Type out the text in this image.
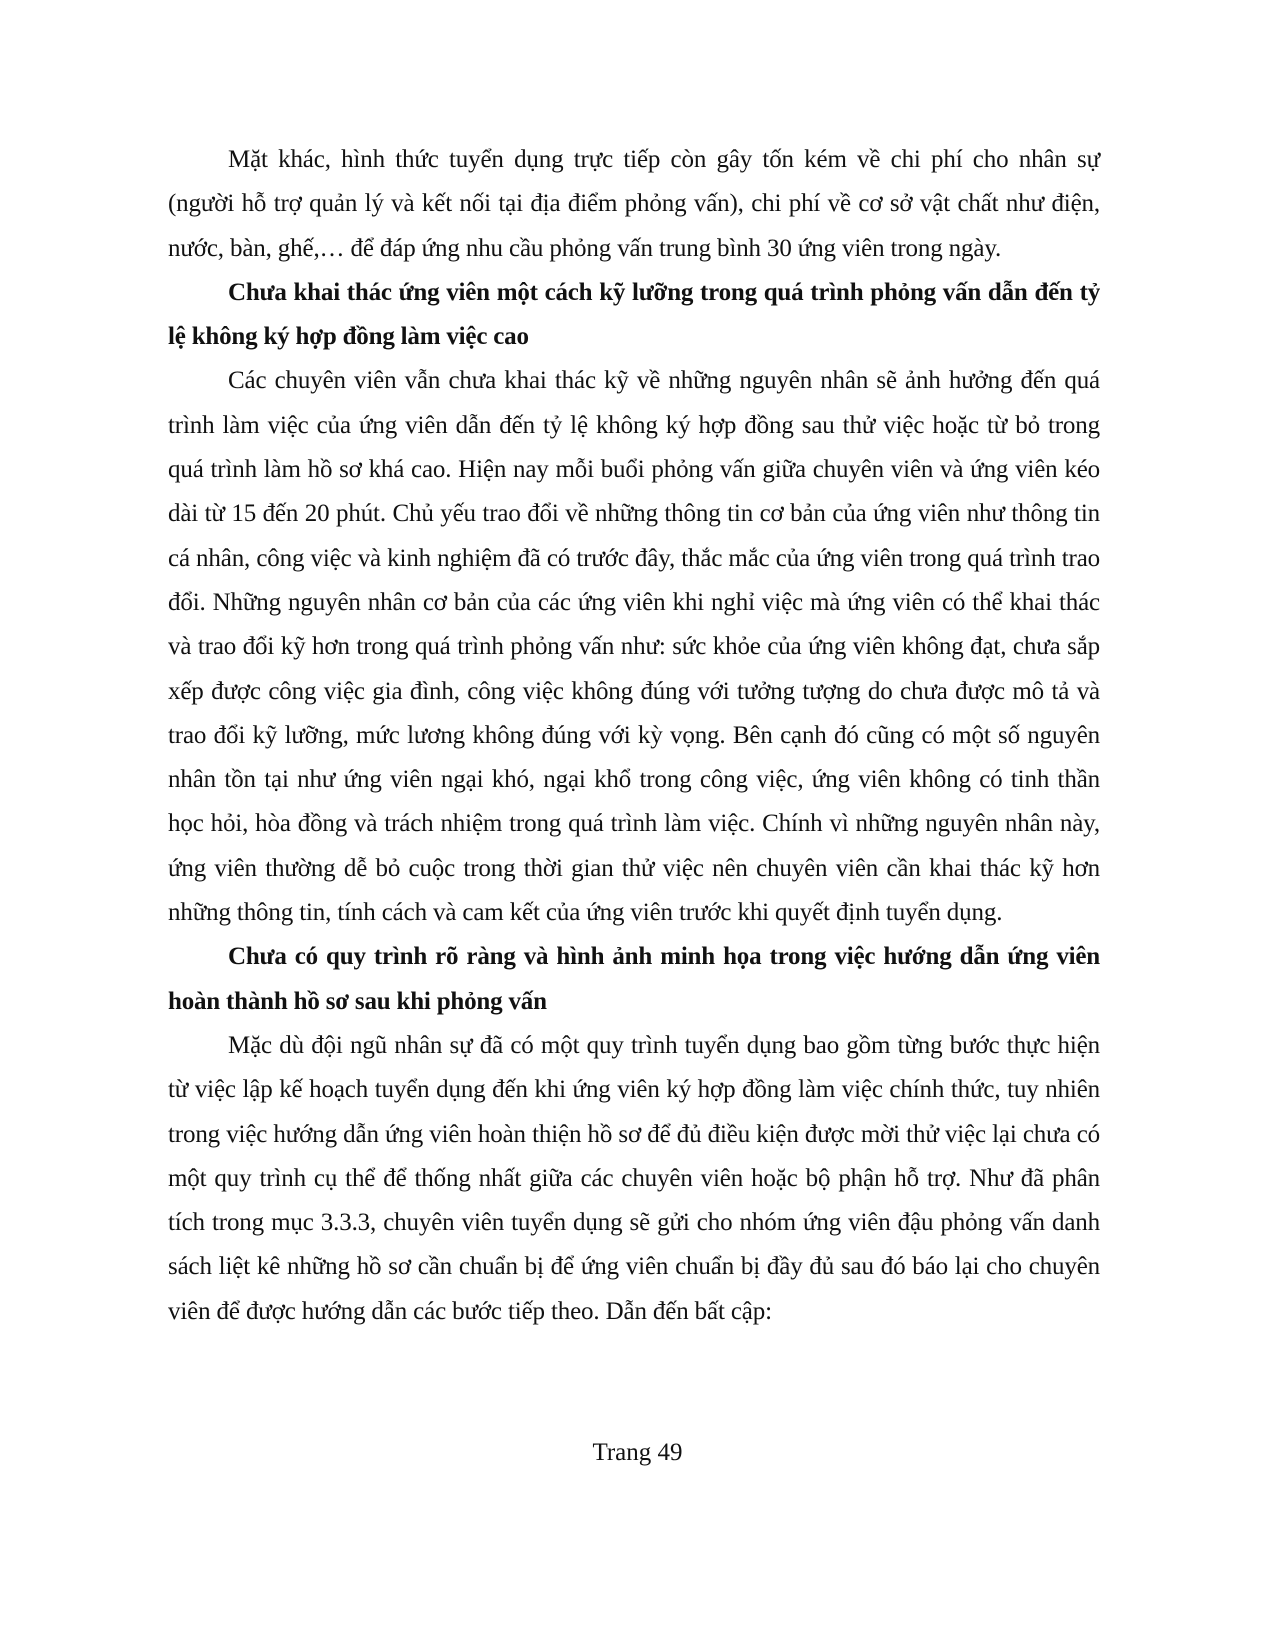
Mặt khác, hình thức tuyển dụng trực tiếp còn gây tốn kém về chi phí cho nhân sự (người hỗ trợ quản lý và kết nối tại địa điểm phỏng vấn), chi phí về cơ sở vật chất như điện, nước, bàn, ghế,… để đáp ứng nhu cầu phỏng vấn trung bình 30 ứng viên trong ngày.

Chưa khai thác ứng viên một cách kỹ lưỡng trong quá trình phỏng vấn dẫn đến tỷ lệ không ký hợp đồng làm việc cao

Các chuyên viên vẫn chưa khai thác kỹ về những nguyên nhân sẽ ảnh hưởng đến quá trình làm việc của ứng viên dẫn đến tỷ lệ không ký hợp đồng sau thử việc hoặc từ bỏ trong quá trình làm hồ sơ khá cao. Hiện nay mỗi buổi phỏng vấn giữa chuyên viên và ứng viên kéo dài từ 15 đến 20 phút. Chủ yếu trao đổi về những thông tin cơ bản của ứng viên như thông tin cá nhân, công việc và kinh nghiệm đã có trước đây, thắc mắc của ứng viên trong quá trình trao đổi. Những nguyên nhân cơ bản của các ứng viên khi nghỉ việc mà ứng viên có thể khai thác và trao đổi kỹ hơn trong quá trình phỏng vấn như: sức khỏe của ứng viên không đạt, chưa sắp xếp được công việc gia đình, công việc không đúng với tưởng tượng do chưa được mô tả và trao đổi kỹ lưỡng, mức lương không đúng với kỳ vọng. Bên cạnh đó cũng có một số nguyên nhân tồn tại như ứng viên ngại khó, ngại khổ trong công việc, ứng viên không có tinh thần học hỏi, hòa đồng và trách nhiệm trong quá trình làm việc. Chính vì những nguyên nhân này, ứng viên thường dễ bỏ cuộc trong thời gian thử việc nên chuyên viên cần khai thác kỹ hơn những thông tin, tính cách và cam kết của ứng viên trước khi quyết định tuyển dụng.

Chưa có quy trình rõ ràng và hình ảnh minh họa trong việc hướng dẫn ứng viên hoàn thành hồ sơ sau khi phỏng vấn

Mặc dù đội ngũ nhân sự đã có một quy trình tuyển dụng bao gồm từng bước thực hiện từ việc lập kế hoạch tuyển dụng đến khi ứng viên ký hợp đồng làm việc chính thức, tuy nhiên trong việc hướng dẫn ứng viên hoàn thiện hồ sơ để đủ điều kiện được mời thử việc lại chưa có một quy trình cụ thể để thống nhất giữa các chuyên viên hoặc bộ phận hỗ trợ. Như đã phân tích trong mục 3.3.3, chuyên viên tuyển dụng sẽ gửi cho nhóm ứng viên đậu phỏng vấn danh sách liệt kê những hồ sơ cần chuẩn bị để ứng viên chuẩn bị đầy đủ sau đó báo lại cho chuyên viên để được hướng dẫn các bước tiếp theo. Dẫn đến bất cập:

Trang 49
